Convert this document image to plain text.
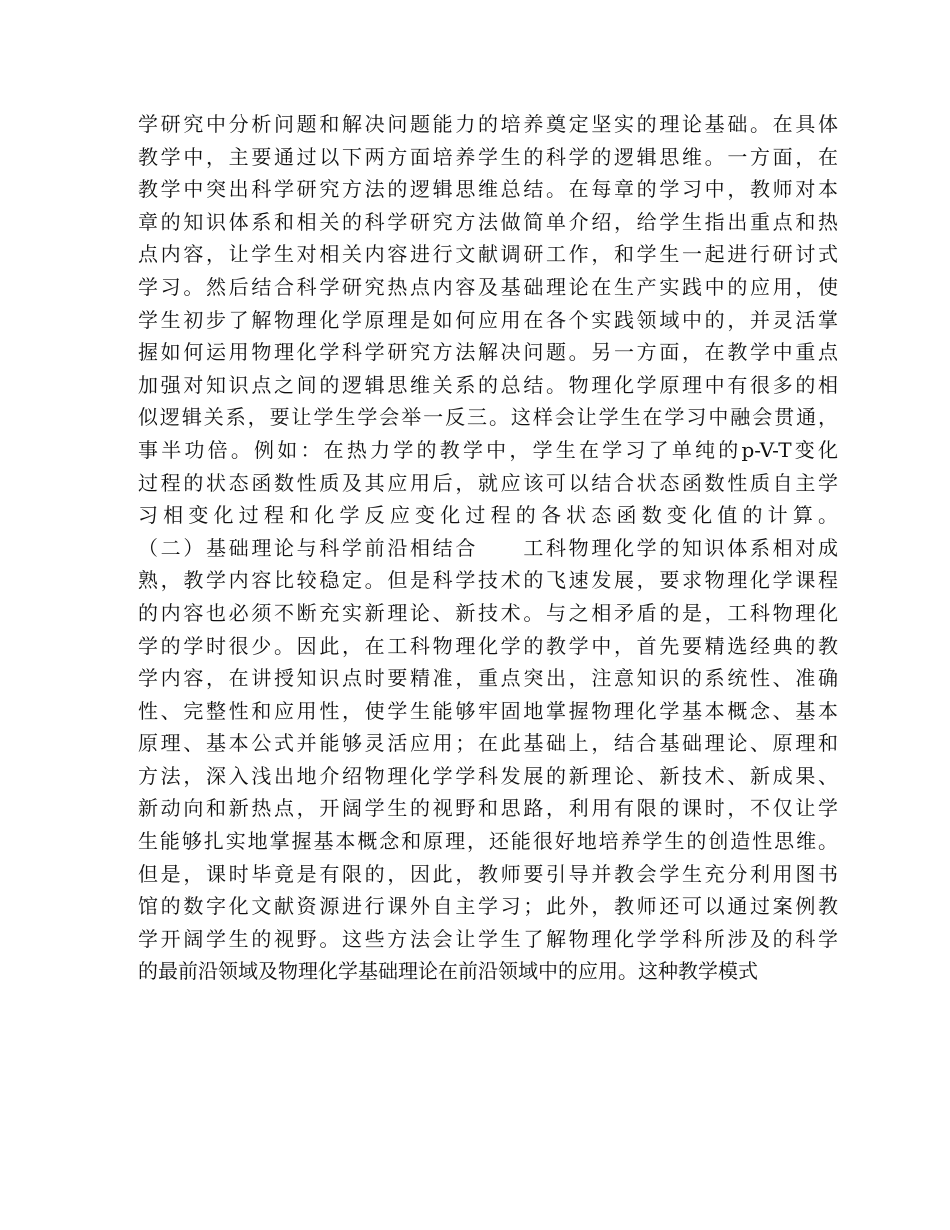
学研究中分析问题和解决问题能力的培养奠定坚实的理论基础。在具体
教学中，主要通过以下两方面培养学生的科学的逻辑思维。一方面，在
教学中突出科学研究方法的逻辑思维总结。在每章的学习中，教师对本
章的知识体系和相关的科学研究方法做简单介绍，给学生指出重点和热
点内容，让学生对相关内容进行文献调研工作，和学生一起进行研讨式
学习。然后结合科学研究热点内容及基础理论在生产实践中的应用，使
学生初步了解物理化学原理是如何应用在各个实践领域中的，并灵活掌
握如何运用物理化学科学研究方法解决问题。另一方面，在教学中重点
加强对知识点之间的逻辑思维关系的总结。物理化学原理中有很多的相
似逻辑关系，要让学生学会举一反三。这样会让学生在学习中融会贯通，
事半功倍。例如：在热力学的教学中，学生在学习了单纯的p-V-T变化
过程的状态函数性质及其应用后，就应该可以结合状态函数性质自主学
习相变化过程和化学反应变化过程的各状态函数变化值的计算。
（二）基础理论与科学前沿相结合　　工科物理化学的知识体系相对成
熟，教学内容比较稳定。但是科学技术的飞速发展，要求物理化学课程
的内容也必须不断充实新理论、新技术。与之相矛盾的是，工科物理化
学的学时很少。因此，在工科物理化学的教学中，首先要精选经典的教
学内容，在讲授知识点时要精准，重点突出，注意知识的系统性、准确
性、完整性和应用性，使学生能够牢固地掌握物理化学基本概念、基本
原理、基本公式并能够灵活应用；在此基础上，结合基础理论、原理和
方法，深入浅出地介绍物理化学学科发展的新理论、新技术、新成果、
新动向和新热点，开阔学生的视野和思路，利用有限的课时，不仅让学
生能够扎实地掌握基本概念和原理，还能很好地培养学生的创造性思维。
但是，课时毕竟是有限的，因此，教师要引导并教会学生充分利用图书
馆的数字化文献资源进行课外自主学习；此外，教师还可以通过案例教
学开阔学生的视野。这些方法会让学生了解物理化学学科所涉及的科学
的最前沿领域及物理化学基础理论在前沿领域中的应用。这种教学模式
